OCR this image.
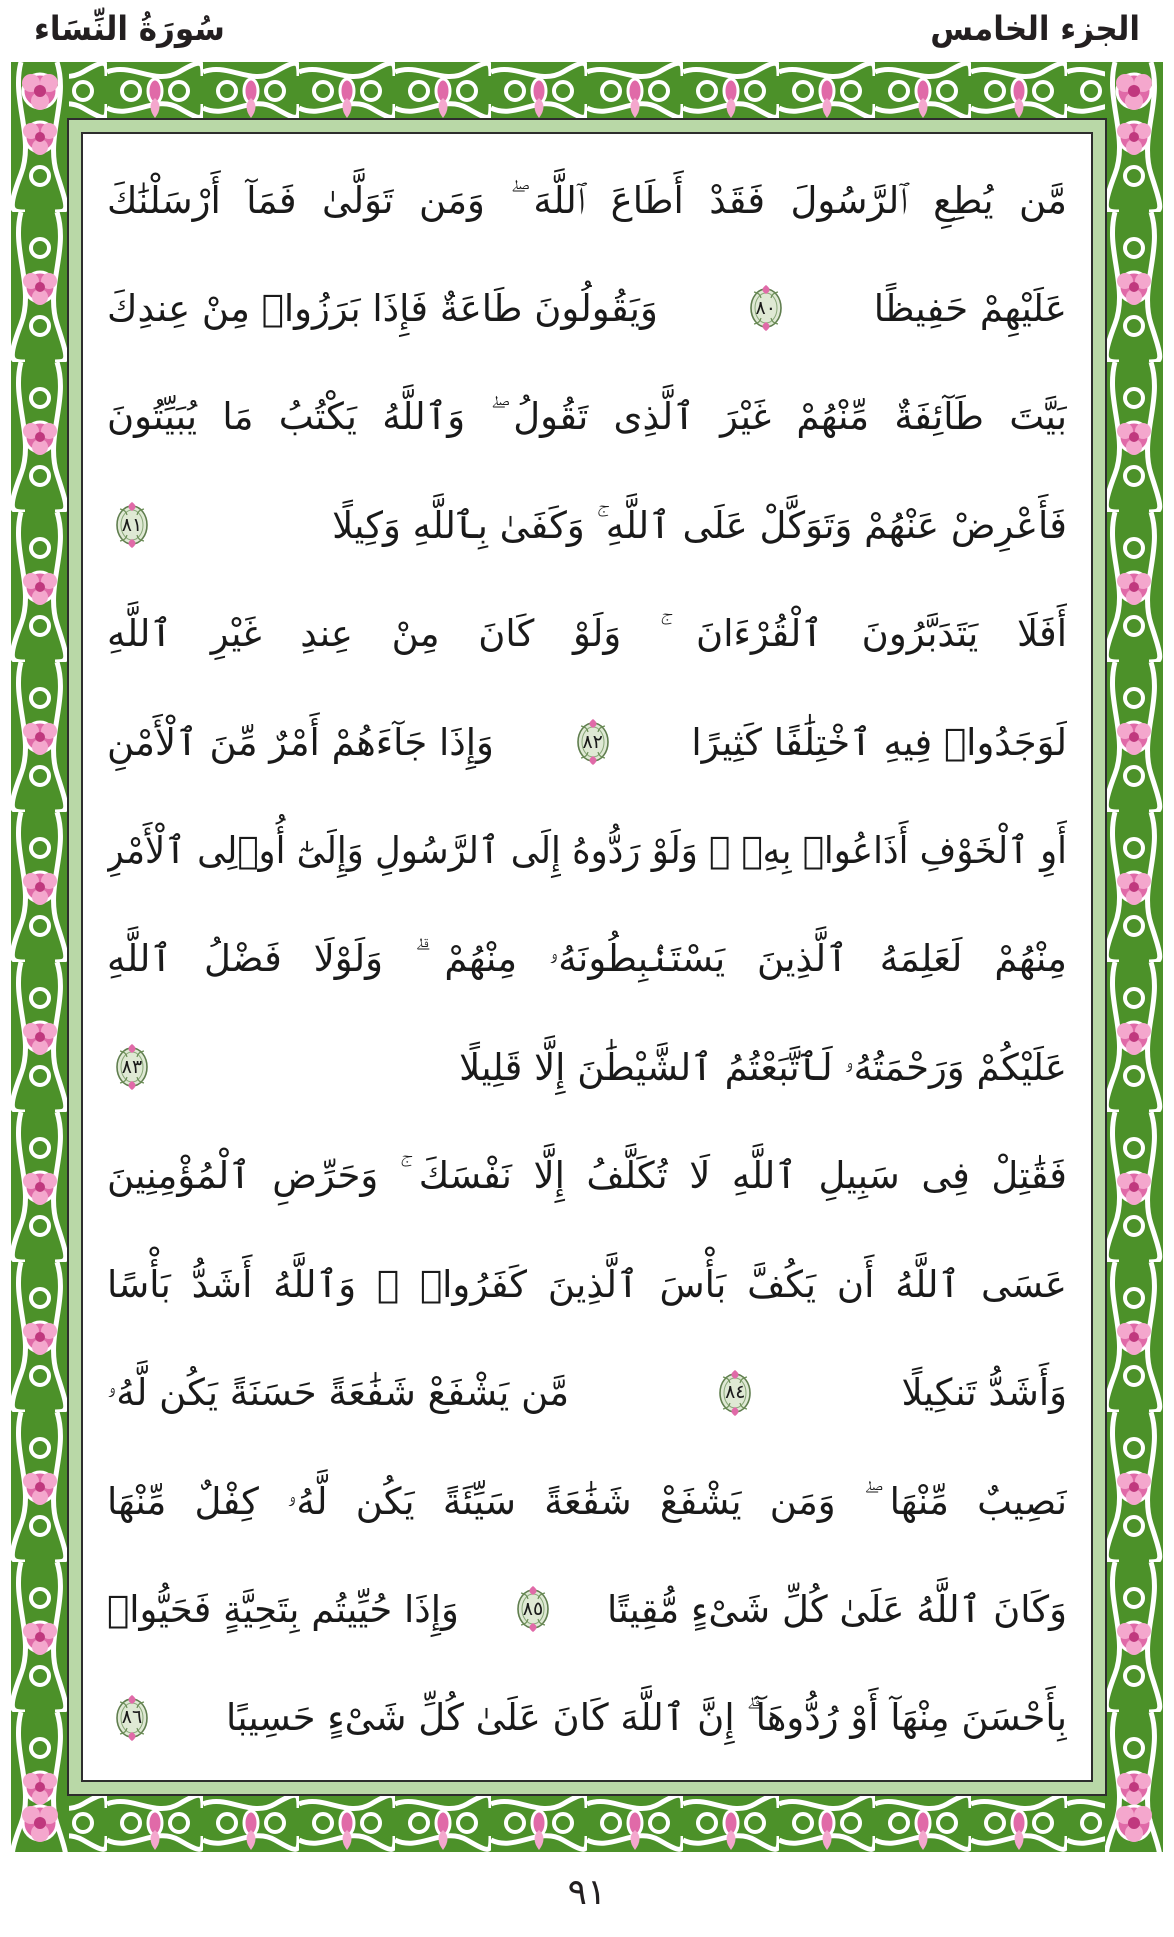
سُورَةُ النِّسَاء	الجزء الخامس
مَّن يُطِعِ ٱلرَّسُولَ فَقَدْ أَطَاعَ ٱللَّهَ ۖ وَمَن تَوَلَّىٰ فَمَآ أَرْسَلْنَٰكَ
عَلَيْهِمْ حَفِيظًا
٨٠
وَيَقُولُونَ طَاعَةٌ فَإِذَا بَرَزُوا۟ مِنْ عِندِكَ
بَيَّتَ طَآئِفَةٌ مِّنْهُمْ غَيْرَ ٱلَّذِى تَقُولُ ۖ وَٱللَّهُ يَكْتُبُ مَا يُبَيِّتُونَ
فَأَعْرِضْ عَنْهُمْ وَتَوَكَّلْ عَلَى ٱللَّهِ ۚ وَكَفَىٰ بِٱللَّهِ وَكِيلًا
٨١
أَفَلَا يَتَدَبَّرُونَ ٱلْقُرْءَانَ ۚ وَلَوْ كَانَ مِنْ عِندِ غَيْرِ ٱللَّهِ
لَوَجَدُوا۟ فِيهِ ٱخْتِلَٰفًا كَثِيرًا
٨٢
وَإِذَا جَآءَهُمْ أَمْرٌ مِّنَ ٱلْأَمْنِ
أَوِ ٱلْخَوْفِ أَذَاعُوا۟ بِهِۦ ۖ وَلَوْ رَدُّوهُ إِلَى ٱلرَّسُولِ وَإِلَىٰٓ أُو۟لِى ٱلْأَمْرِ
مِنْهُمْ لَعَلِمَهُ ٱلَّذِينَ يَسْتَنۢبِطُونَهُۥ مِنْهُمْ ۗ وَلَوْلَا فَضْلُ ٱللَّهِ
عَلَيْكُمْ وَرَحْمَتُهُۥ لَٱتَّبَعْتُمُ ٱلشَّيْطَٰنَ إِلَّا قَلِيلًا
٨٣
فَقَٰتِلْ فِى سَبِيلِ ٱللَّهِ لَا تُكَلَّفُ إِلَّا نَفْسَكَ ۚ وَحَرِّضِ ٱلْمُؤْمِنِينَ
عَسَى ٱللَّهُ أَن يَكُفَّ بَأْسَ ٱلَّذِينَ كَفَرُوا۟ ۚ وَٱللَّهُ أَشَدُّ بَأْسًا
وَأَشَدُّ تَنكِيلًا
٨٤
مَّن يَشْفَعْ شَفَٰعَةً حَسَنَةً يَكُن لَّهُۥ
نَصِيبٌ مِّنْهَا ۖ وَمَن يَشْفَعْ شَفَٰعَةً سَيِّئَةً يَكُن لَّهُۥ كِفْلٌ مِّنْهَا
وَكَانَ ٱللَّهُ عَلَىٰ كُلِّ شَىْءٍ مُّقِيتًا
٨٥
وَإِذَا حُيِّيتُم بِتَحِيَّةٍ فَحَيُّوا۟
بِأَحْسَنَ مِنْهَآ أَوْ رُدُّوهَآ ۗ إِنَّ ٱللَّهَ كَانَ عَلَىٰ كُلِّ شَىْءٍ حَسِيبًا
٨٦
٩١
